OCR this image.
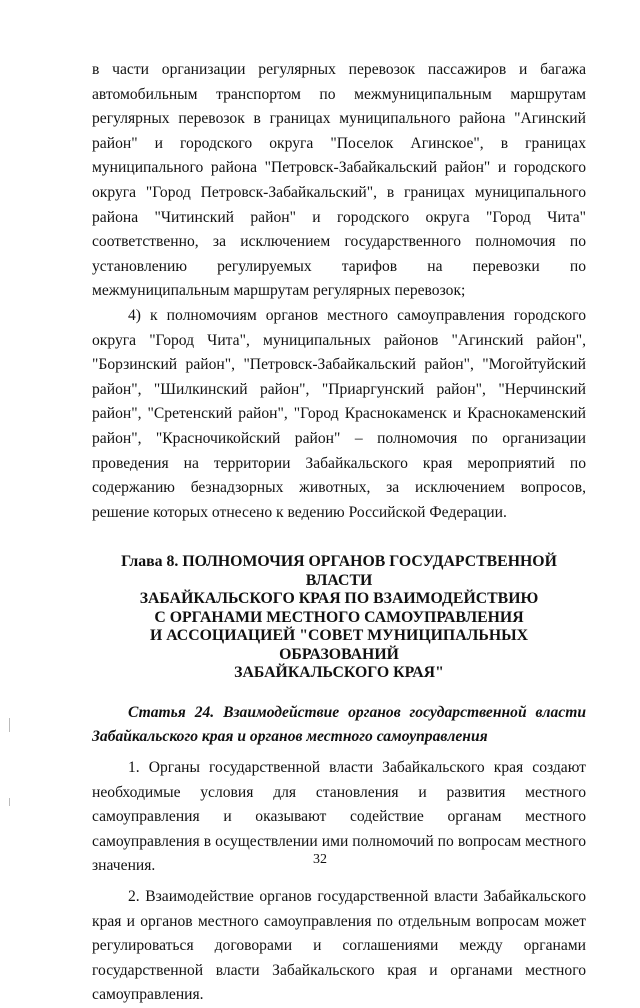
в части организации регулярных перевозок пассажиров и багажа автомобильным транспортом по межмуниципальным маршрутам регулярных перевозок в границах муниципального района "Агинский район" и городского округа "Поселок Агинское", в границах муниципального района "Петровск-Забайкальский район" и городского округа "Город Петровск-Забайкальский", в границах муниципального района "Читинский район" и городского округа "Город Чита" соответственно, за исключением государственного полномочия по установлению регулируемых тарифов на перевозки по межмуниципальным маршрутам регулярных перевозок;

4) к полномочиям органов местного самоуправления городского округа "Город Чита", муниципальных районов "Агинский район", "Борзинский район", "Петровск-Забайкальский район", "Могойтуйский район", "Шилкинский район", "Приаргунский район", "Нерчинский район", "Сретенский район", "Город Краснокаменск и Краснокаменский район", "Красночикойский район" – полномочия по организации проведения на территории Забайкальского края мероприятий по содержанию безнадзорных животных, за исключением вопросов, решение которых отнесено к ведению Российской Федерации.

Глава 8. ПОЛНОМОЧИЯ ОРГАНОВ ГОСУДАРСТВЕННОЙ ВЛАСТИ
ЗАБАЙКАЛЬСКОГО КРАЯ ПО ВЗАИМОДЕЙСТВИЮ
С ОРГАНАМИ МЕСТНОГО САМОУПРАВЛЕНИЯ
И АССОЦИАЦИЕЙ "СОВЕТ МУНИЦИПАЛЬНЫХ ОБРАЗОВАНИЙ
ЗАБАЙКАЛЬСКОГО КРАЯ"

Статья 24. Взаимодействие органов государственной власти Забайкальского края и органов местного самоуправления

1. Органы государственной власти Забайкальского края создают необходимые условия для становления и развития местного самоуправления и оказывают содействие органам местного самоуправления в осуществлении ими полномочий по вопросам местного значения.

2. Взаимодействие органов государственной власти Забайкальского края и органов местного самоуправления по отдельным вопросам может регулироваться договорами и соглашениями между органами государственной власти Забайкальского края и органами местного самоуправления.

32
